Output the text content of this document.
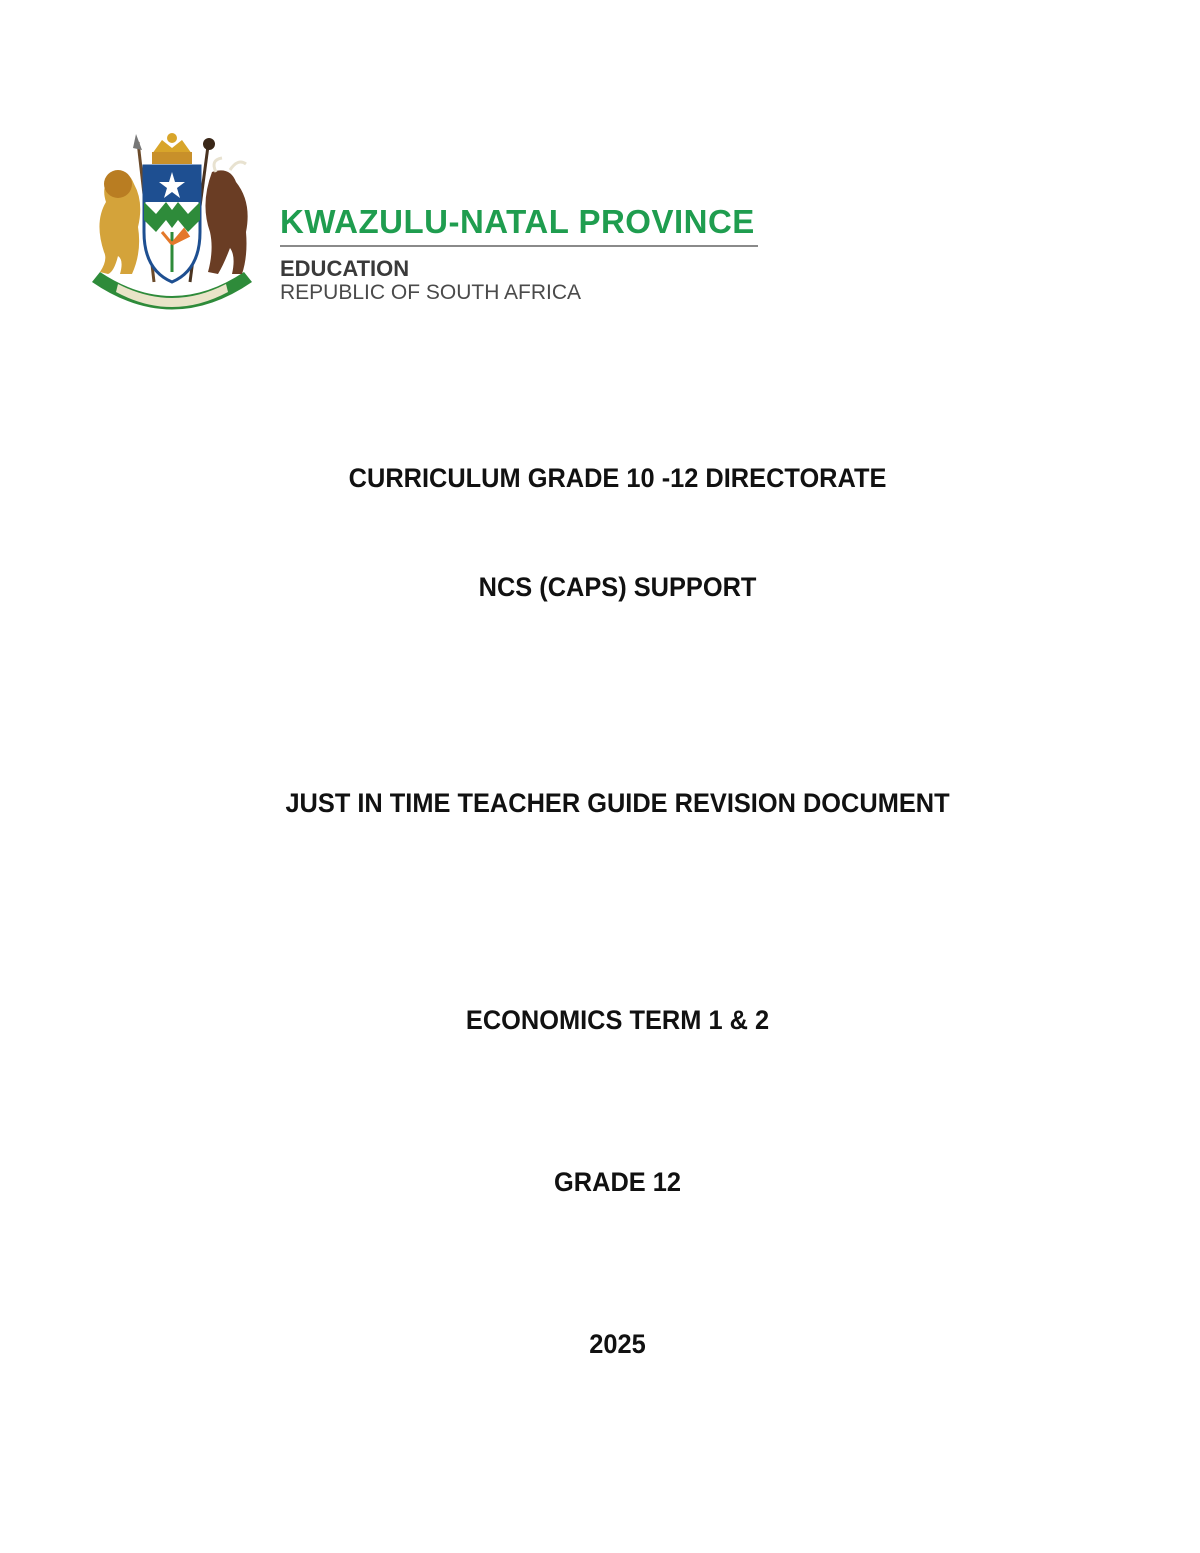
KWAZULU-NATAL PROVINCE
EDUCATION
REPUBLIC OF SOUTH AFRICA
CURRICULUM GRADE 10 -12 DIRECTORATE
NCS (CAPS) SUPPORT
JUST IN TIME TEACHER GUIDE REVISION DOCUMENT
ECONOMICS TERM 1 & 2
GRADE 12
2025
